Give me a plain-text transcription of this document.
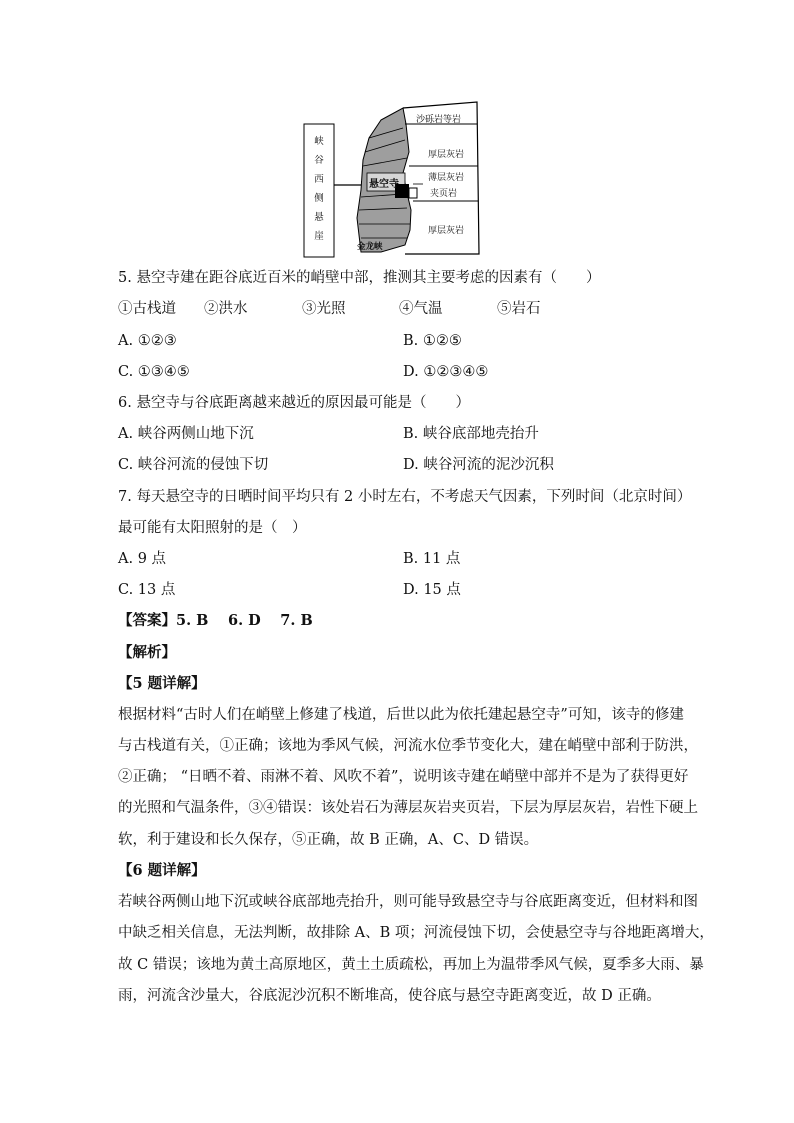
峡
谷
西
侧
悬
崖
悬空寺
金龙峡
沙砾岩等岩
厚层灰岩
薄层灰岩
夹页岩
厚层灰岩
5. 悬空寺建在距谷底近百米的峭壁中部，推测其主要考虑的因素有（　　）
①古栈道 ②洪水	③光照	④气温	⑤岩石
A. ①②③	B. ①②⑤
C. ①③④⑤	D. ①②③④⑤
6. 悬空寺与谷底距离越来越近的原因最可能是（　　）
A. 峡谷两侧山地下沉	B. 峡谷底部地壳抬升
C. 峡谷河流的侵蚀下切	D. 峡谷河流的泥沙沉积
7. 每天悬空寺的日晒时间平均只有 2 小时左右，不考虑天气因素，下列时间（北京时间）
最可能有太阳照射的是（　）
A. 9 点	B. 11 点
C. 13 点	D. 15 点
【答案】5. B　 6. D　 7. B
【解析】
【5 题详解】
根据材料“古时人们在峭壁上修建了栈道，后世以此为依托建起悬空寺”可知，该寺的修建
与古栈道有关，①正确；该地为季风气候，河流水位季节变化大，建在峭壁中部利于防洪，
②正确； “日晒不着、雨淋不着、风吹不着”，说明该寺建在峭壁中部并不是为了获得更好
的光照和气温条件，③④错误：该处岩石为薄层灰岩夹页岩，下层为厚层灰岩，岩性下硬上
软，利于建设和长久保存，⑤正确，故 B 正确，A、C、D 错误。
【6 题详解】
若峡谷两侧山地下沉或峡谷底部地壳抬升，则可能导致悬空寺与谷底距离变近，但材料和图
中缺乏相关信息，无法判断，故排除 A、B 项；河流侵蚀下切，会使悬空寺与谷地距离增大，
故 C 错误；该地为黄土高原地区，黄土土质疏松，再加上为温带季风气候，夏季多大雨、暴
雨，河流含沙量大，谷底泥沙沉积不断堆高，使谷底与悬空寺距离变近，故 D 正确。
